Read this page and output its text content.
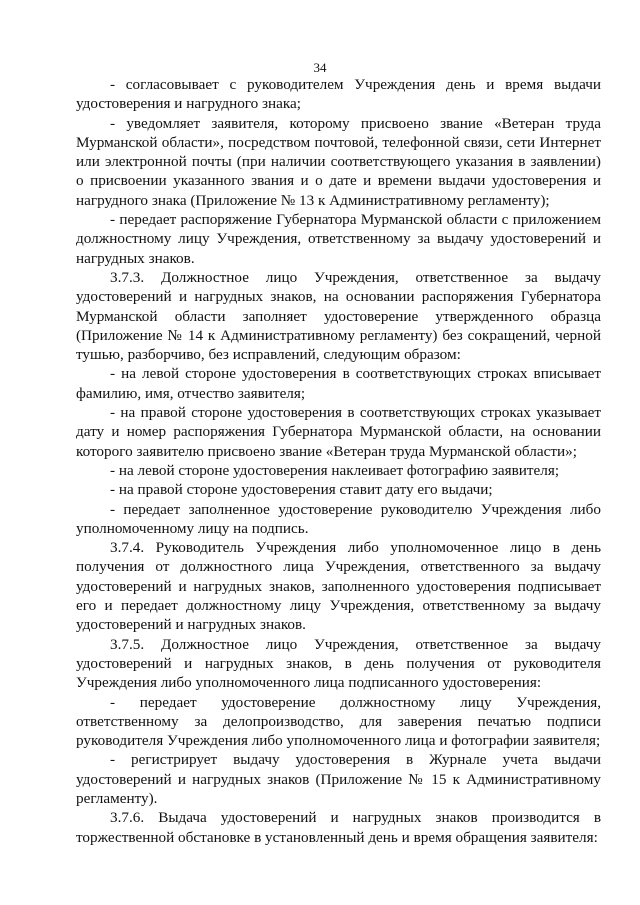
34

- согласовывает с руководителем Учреждения день и время выдачи удостоверения и нагрудного знака;

- уведомляет заявителя, которому присвоено звание «Ветеран труда Мурманской области», посредством почтовой, телефонной связи, сети Интернет или электронной почты (при наличии соответствующего указания в заявлении) о присвоении указанного звания и о дате и времени выдачи удостоверения и нагрудного знака (Приложение № 13 к Административному регламенту);

- передает распоряжение Губернатора Мурманской области с приложением должностному лицу Учреждения, ответственному за выдачу удостоверений и нагрудных знаков.

3.7.3. Должностное лицо Учреждения, ответственное за выдачу удостоверений и нагрудных знаков, на основании распоряжения Губернатора Мурманской области заполняет удостоверение утвержденного образца (Приложение № 14 к Административному регламенту) без сокращений, черной тушью, разборчиво, без исправлений, следующим образом:

- на левой стороне удостоверения в соответствующих строках вписывает фамилию, имя, отчество заявителя;

- на правой стороне удостоверения в соответствующих строках указывает дату и номер распоряжения Губернатора Мурманской области, на основании которого заявителю присвоено звание «Ветеран труда Мурманской области»;

- на левой стороне удостоверения наклеивает фотографию заявителя;

- на правой стороне удостоверения ставит дату его выдачи;

- передает заполненное удостоверение руководителю Учреждения либо уполномоченному лицу на подпись.

3.7.4. Руководитель Учреждения либо уполномоченное лицо в день получения от должностного лица Учреждения, ответственного за выдачу удостоверений и нагрудных знаков, заполненного удостоверения подписывает его и передает должностному лицу Учреждения, ответственному за выдачу удостоверений и нагрудных знаков.

3.7.5. Должностное лицо Учреждения, ответственное за выдачу удостоверений и нагрудных знаков, в день получения от руководителя Учреждения либо уполномоченного лица подписанного удостоверения:

- передает удостоверение должностному лицу Учреждения, ответственному за делопроизводство, для заверения печатью подписи руководителя Учреждения либо уполномоченного лица и фотографии заявителя;

- регистрирует выдачу удостоверения в Журнале учета выдачи удостоверений и нагрудных знаков (Приложение № 15 к Административному регламенту).

3.7.6. Выдача удостоверений и нагрудных знаков производится в торжественной обстановке в установленный день и время обращения заявителя:
